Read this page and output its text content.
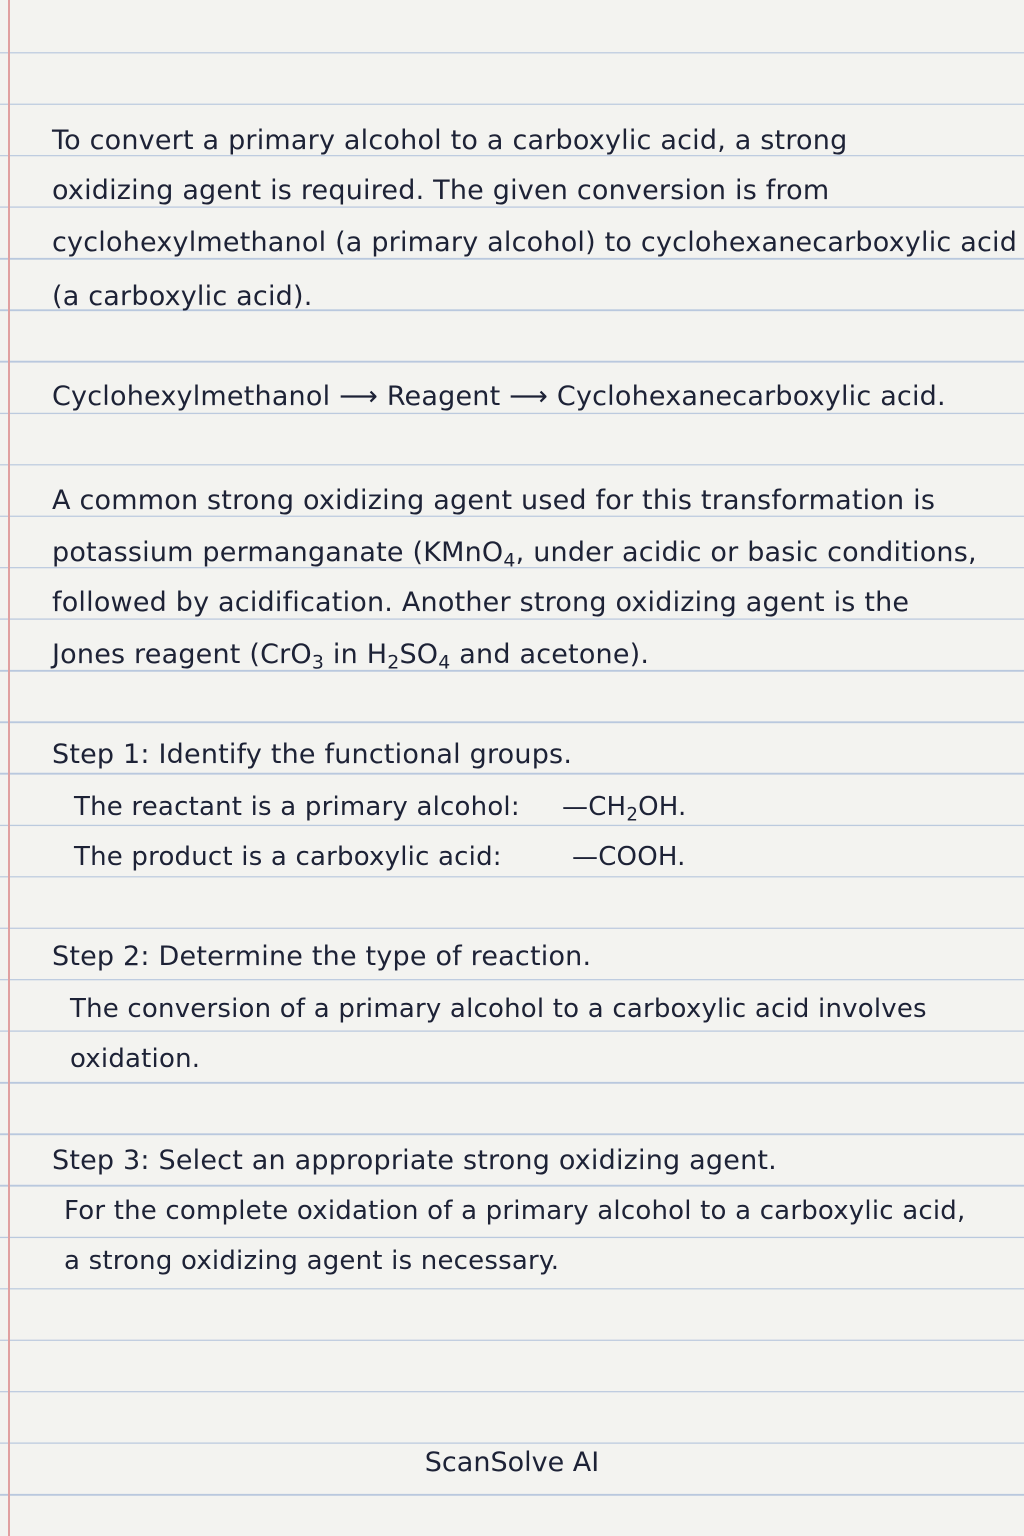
To convert a primary alcohol to a carboxylic acid, a strong

oxidizing agent is required. The given conversion is from

cyclohexylmethanol (a primary alcohol) to cyclohexanecarboxylic acid

(a carboxylic acid).

Cyclohexylmethanol ⟶ Reagent ⟶ Cyclohexanecarboxylic acid.

A common strong oxidizing agent used for this transformation is

potassium permanganate (KMnO$_4$, under acidic or basic conditions,

followed by acidification. Another strong oxidizing agent is the

Jones reagent (CrO$_3$ in $H_2SO_4$ and acetone).

Step 1: Identify the functional groups.

The reactant is a primary alcohol: $—CH_2OH$.

The product is a carboxylic acid:	—COOH.

Step 2: Determine the type of reaction.

The conversion of a primary alcohol to a carboxylic acid involves

oxidation.

Step 3: Select an appropriate strong oxidizing agent.

For the complete oxidation of a primary alcohol to a carboxylic acid,

a strong oxidizing agent is necessary.

ScanSolve AI
